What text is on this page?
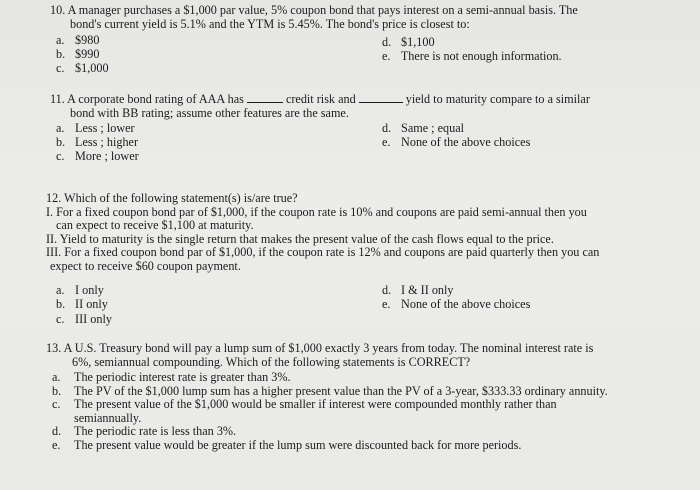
10. A manager purchases a $1,000 par value, 5% coupon bond that pays interest on a semi-annual basis. The
bond's current yield is 5.1% and the YTM is 5.45%. The bond's price is closest to:
a. $980
b. $990
c. $1,000
d. $1,100
e. There is not enough information.
11. A corporate bond rating of AAA has	credit risk and	yield to maturity compare to a similar
bond with BB rating; assume other features are the same.
a. Less ; lower
b. Less ; higher
c. More ; lower
d. Same ; equal
e. None of the above choices
12. Which of the following statement(s) is/are true?
I. For a fixed coupon bond par of $1,000, if the coupon rate is 10% and coupons are paid semi-annual then you
can expect to receive $1,100 at maturity.
II. Yield to maturity is the single return that makes the present value of the cash flows equal to the price.
III. For a fixed coupon bond par of $1,000, if the coupon rate is 12% and coupons are paid quarterly then you can
expect to receive $60 coupon payment.
a. I only
b. II only
c. III only
d. I & II only
e. None of the above choices
13. A U.S. Treasury bond will pay a lump sum of $1,000 exactly 3 years from today. The nominal interest rate is
6%, semiannual compounding. Which of the following statements is CORRECT?
a.	The periodic interest rate is greater than 3%.
b.	The PV of the $1,000 lump sum has a higher present value than the PV of a 3-year, $333.33 ordinary annuity.
c.	The present value of the $1,000 would be smaller if interest were compounded monthly rather than semiannually.
d.	The periodic rate is less than 3%.
e.	The present value would be greater if the lump sum were discounted back for more periods.
